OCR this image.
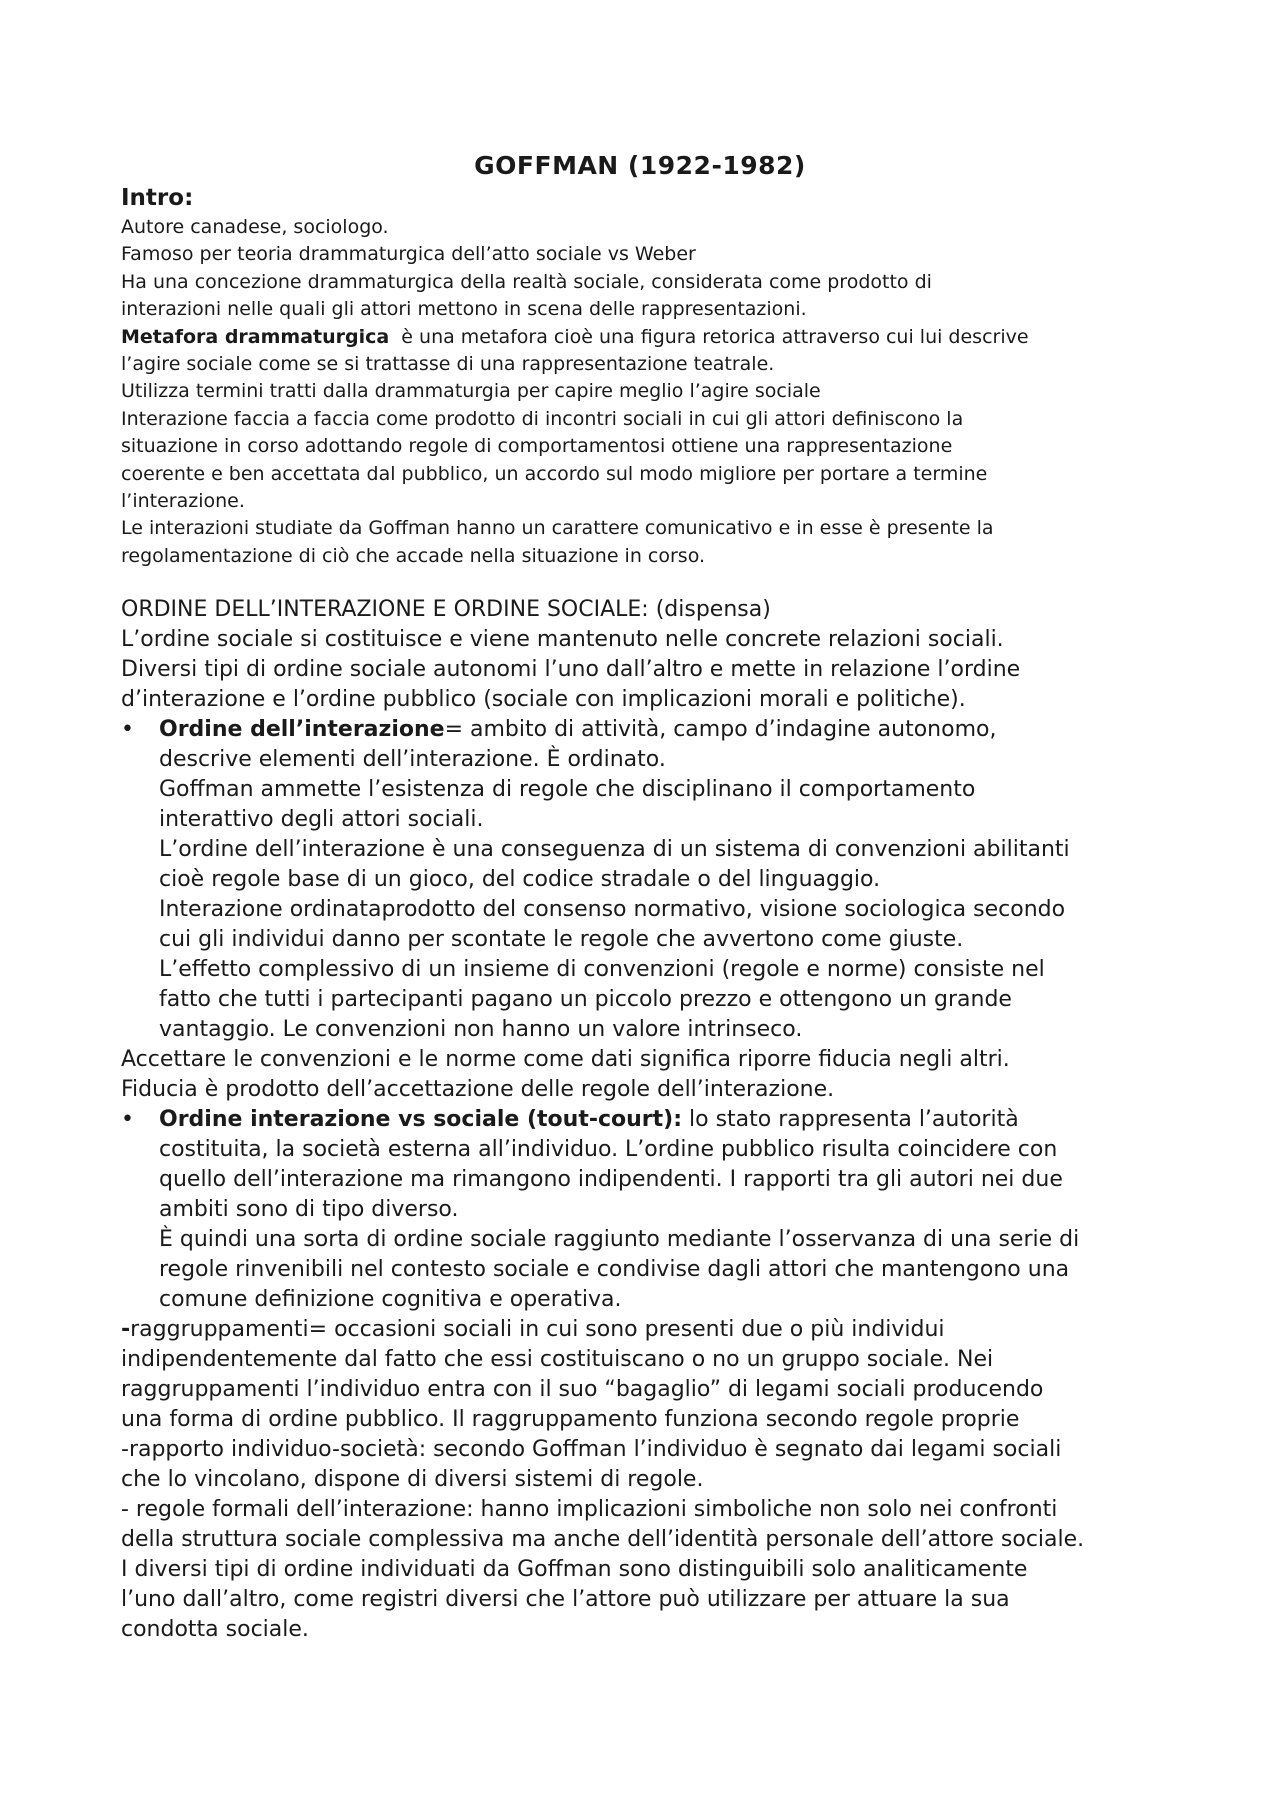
GOFFMAN (1922-1982)

Intro:

Autore canadese, sociologo.

Famoso per teoria drammaturgica dell’atto sociale vs Weber

Ha una concezione drammaturgica della realtà sociale, considerata come prodotto di

interazioni nelle quali gli attori mettono in scena delle rappresentazioni.

Metafora drammaturgica  è una metafora cioè una figura retorica attraverso cui lui descrive

l’agire sociale come se si trattasse di una rappresentazione teatrale.

Utilizza termini tratti dalla drammaturgia per capire meglio l’agire sociale

Interazione faccia a faccia come prodotto di incontri sociali in cui gli attori definiscono la

situazione in corso adottando regole di comportamentosi ottiene una rappresentazione

coerente e ben accettata dal pubblico, un accordo sul modo migliore per portare a termine

l’interazione.

Le interazioni studiate da Goffman hanno un carattere comunicativo e in esse è presente la

regolamentazione di ciò che accade nella situazione in corso.

ORDINE DELL’INTERAZIONE E ORDINE SOCIALE: (dispensa)

L’ordine sociale si costituisce e viene mantenuto nelle concrete relazioni sociali.

Diversi tipi di ordine sociale autonomi l’uno dall’altro e mette in relazione l’ordine

d’interazione e l’ordine pubblico (sociale con implicazioni morali e politiche).

• Ordine dell’interazione= ambito di attività, campo d’indagine autonomo,

descrive elementi dell’interazione. È ordinato.

Goffman ammette l’esistenza di regole che disciplinano il comportamento

interattivo degli attori sociali.

L’ordine dell’interazione è una conseguenza di un sistema di convenzioni abilitanti

cioè regole base di un gioco, del codice stradale o del linguaggio.

Interazione ordinataprodotto del consenso normativo, visione sociologica secondo

cui gli individui danno per scontate le regole che avvertono come giuste.

L’effetto complessivo di un insieme di convenzioni (regole e norme) consiste nel

fatto che tutti i partecipanti pagano un piccolo prezzo e ottengono un grande

vantaggio. Le convenzioni non hanno un valore intrinseco.

Accettare le convenzioni e le norme come dati significa riporre fiducia negli altri.

Fiducia è prodotto dell’accettazione delle regole dell’interazione.

• Ordine interazione vs sociale (tout-court): lo stato rappresenta l’autorità

costituita, la società esterna all’individuo. L’ordine pubblico risulta coincidere con

quello dell’interazione ma rimangono indipendenti. I rapporti tra gli autori nei due

ambiti sono di tipo diverso.

È quindi una sorta di ordine sociale raggiunto mediante l’osservanza di una serie di

regole rinvenibili nel contesto sociale e condivise dagli attori che mantengono una

comune definizione cognitiva e operativa.

-raggruppamenti= occasioni sociali in cui sono presenti due o più individui

indipendentemente dal fatto che essi costituiscano o no un gruppo sociale. Nei

raggruppamenti l’individuo entra con il suo “bagaglio” di legami sociali producendo

una forma di ordine pubblico. Il raggruppamento funziona secondo regole proprie

-rapporto individuo-società: secondo Goffman l’individuo è segnato dai legami sociali

che lo vincolano, dispone di diversi sistemi di regole.

- regole formali dell’interazione: hanno implicazioni simboliche non solo nei confronti

della struttura sociale complessiva ma anche dell’identità personale dell’attore sociale.

I diversi tipi di ordine individuati da Goffman sono distinguibili solo analiticamente

l’uno dall’altro, come registri diversi che l’attore può utilizzare per attuare la sua

condotta sociale.
